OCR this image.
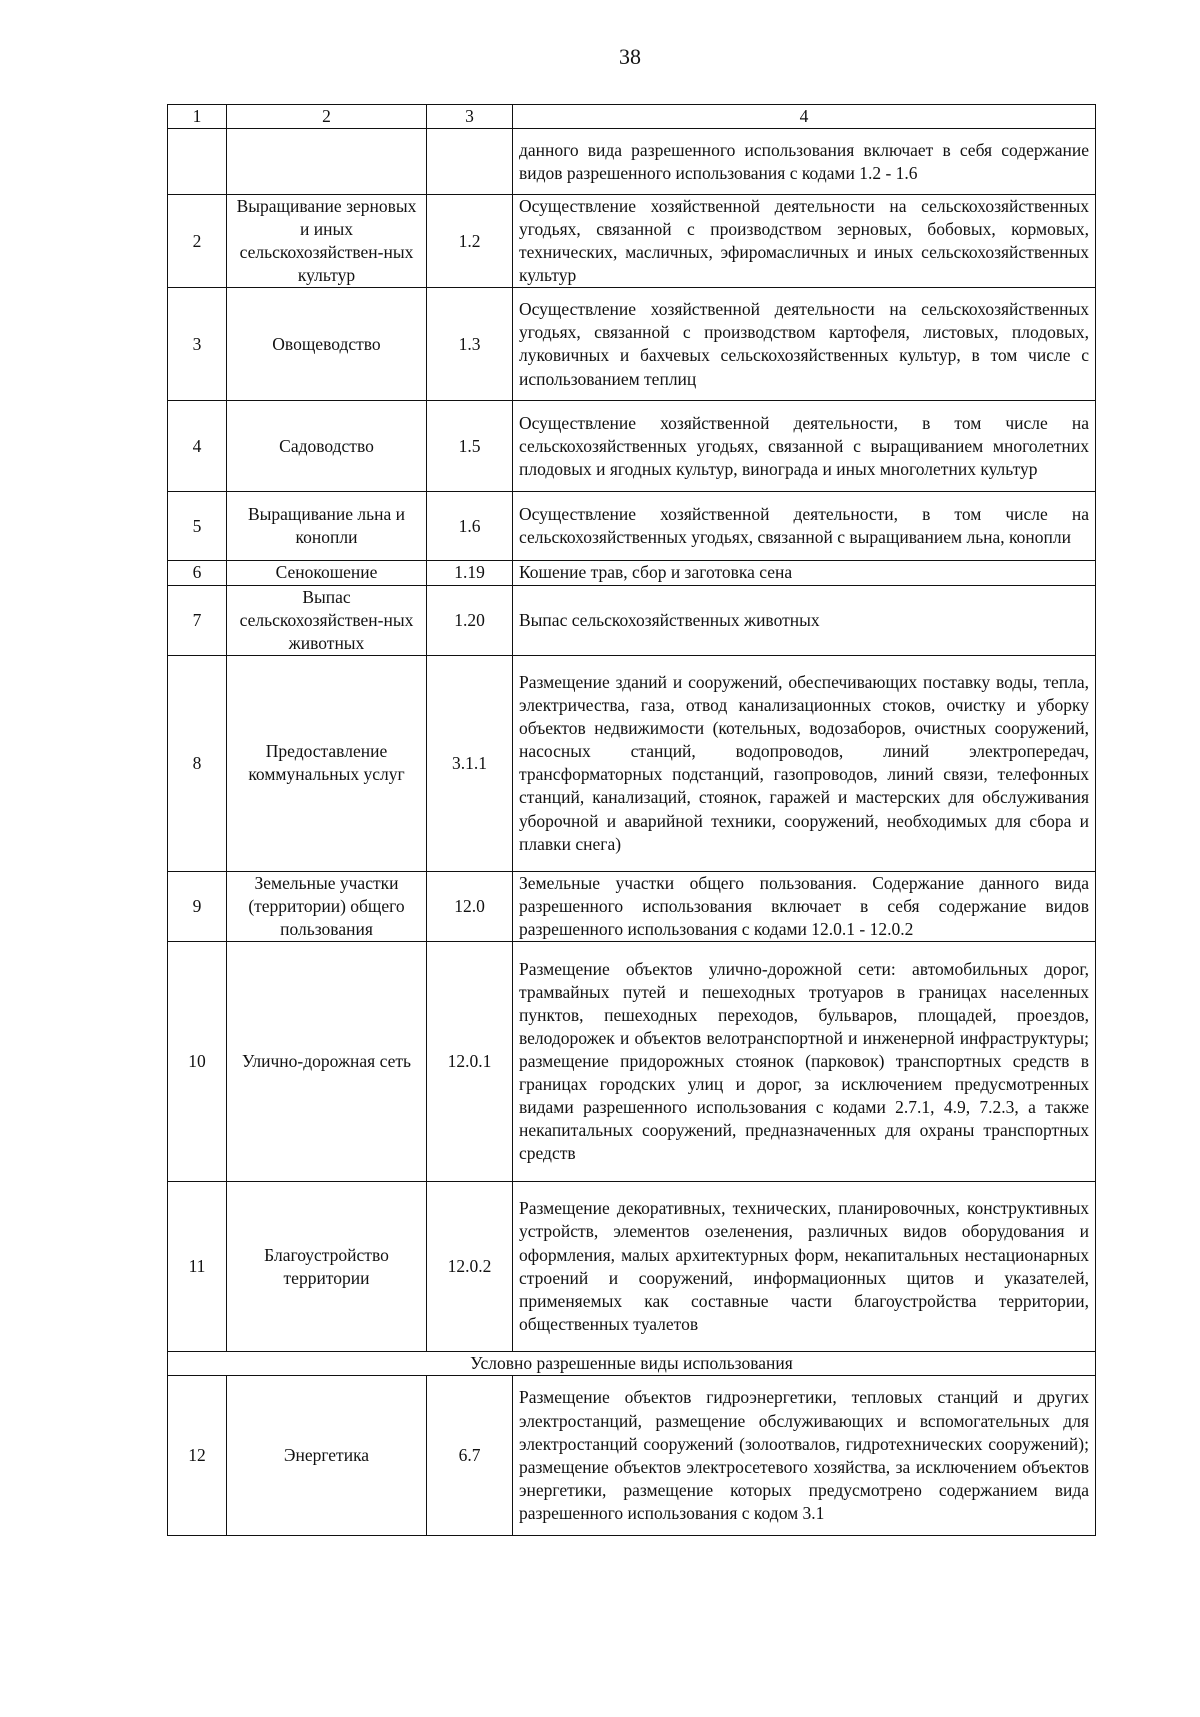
38
1	2	3	4
			данного вида разрешенного использования включает в себя содержание видов разрешенного использования с кодами 1.2 - 1.6
2	Выращивание зерновых и иных сельскохозяйствен-ных культур	1.2	Осуществление хозяйственной деятельности на сельскохозяйственных угодьях, связанной с производством зерновых, бобовых, кормовых, технических, масличных, эфиромасличных и иных сельскохозяйственных культур
3	Овощеводство	1.3	Осуществление хозяйственной деятельности на сельскохозяйственных угодьях, связанной с производством картофеля, листовых, плодовых, луковичных и бахчевых сельскохозяйственных культур, в том числе с использованием теплиц
4	Садоводство	1.5	Осуществление хозяйственной деятельности, в том числе на сельскохозяйственных угодьях, связанной с выращиванием многолетних плодовых и ягодных культур, винограда и иных многолетних культур
5	Выращивание льна и конопли	1.6	Осуществление хозяйственной деятельности, в том числе на сельскохозяйственных угодьях, связанной с выращиванием льна, конопли
6	Сенокошение	1.19	Кошение трав, сбор и заготовка сена
7	Выпас сельскохозяйствен-ных животных	1.20	Выпас сельскохозяйственных животных
8	Предоставление коммунальных услуг	3.1.1	Размещение зданий и сооружений, обеспечивающих поставку воды, тепла, электричества, газа, отвод канализационных стоков, очистку и уборку объектов недвижимости (котельных, водозаборов, очистных сооружений, насосных станций, водопроводов, линий электропередач, трансформаторных подстанций, газопроводов, линий связи, телефонных станций, канализаций, стоянок, гаражей и мастерских для обслуживания уборочной и аварийной техники, сооружений, необходимых для сбора и плавки снега)
9	Земельные участки (территории) общего пользования	12.0	Земельные участки общего пользования. Содержание данного вида разрешенного использования включает в себя содержание видов разрешенного использования с кодами 12.0.1 - 12.0.2
10	Улично-дорожная сеть	12.0.1	Размещение объектов улично-дорожной сети: автомобильных дорог, трамвайных путей и пешеходных тротуаров в границах населенных пунктов, пешеходных переходов, бульваров, площадей, проездов, велодорожек и объектов велотранспортной и инженерной инфраструктуры; размещение придорожных стоянок (парковок) транспортных средств в границах городских улиц и дорог, за исключением предусмотренных видами разрешенного использования с кодами 2.7.1, 4.9, 7.2.3, а также некапитальных сооружений, предназначенных для охраны транспортных средств
11	Благоустройство территории	12.0.2	Размещение декоративных, технических, планировочных, конструктивных устройств, элементов озеленения, различных видов оборудования и оформления, малых архитектурных форм, некапитальных нестационарных строений и сооружений, информационных щитов и указателей, применяемых как составные части благоустройства территории, общественных туалетов
Условно разрешенные виды использования			
12	Энергетика	6.7	Размещение объектов гидроэнергетики, тепловых станций и других электростанций, размещение обслуживающих и вспомогательных для электростанций сооружений (золоотвалов, гидротехнических сооружений); размещение объектов электросетевого хозяйства, за исключением объектов энергетики, размещение которых предусмотрено содержанием вида разрешенного использования с кодом 3.1
